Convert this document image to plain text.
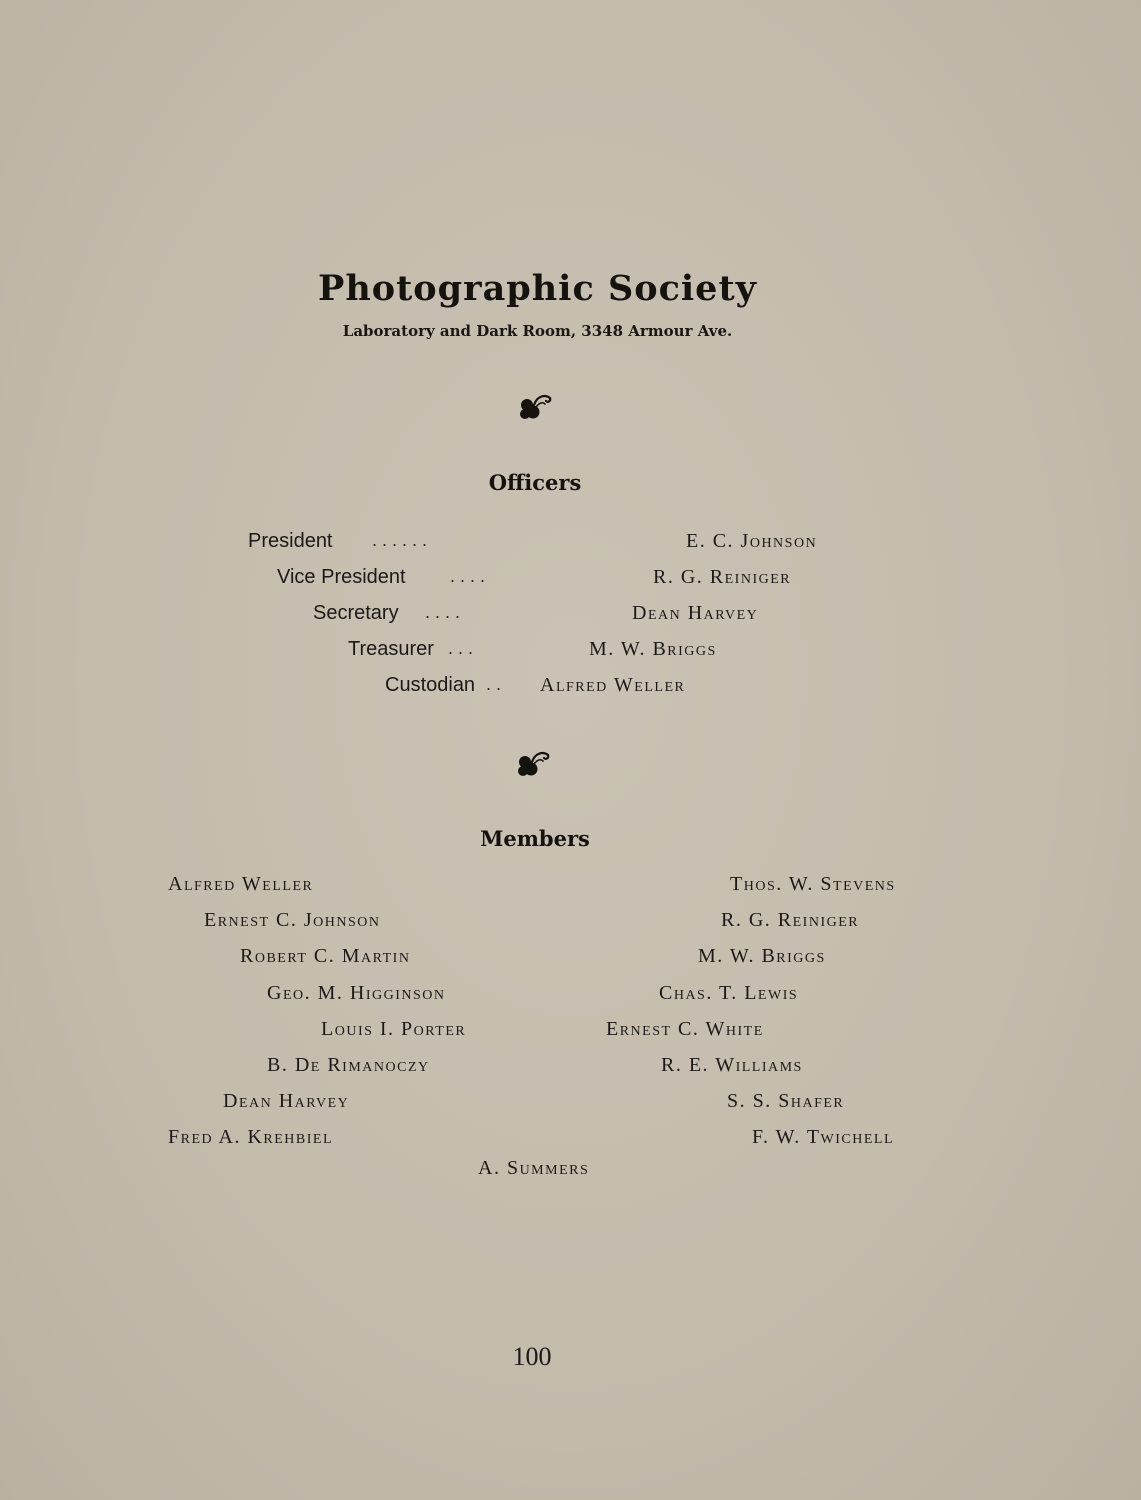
Photographic Society
Laboratory and Dark Room, 3348 Armour Ave.
Officers
President . . . . . .	E. C. Johnson
Vice President . . . .	R. G. Reiniger
Secretary . . . .	Dean Harvey
Treasurer . . .	M. W. Briggs
Custodian . . Alfred Weller
Members
Alfred Weller
Ernest C. Johnson
Robert C. Martin
Geo. M. Higginson
Louis I. Porter
B. De Rimanoczy
Dean Harvey
Fred A. Krehbiel
Thos. W. Stevens
R. G. Reiniger
M. W. Briggs
Chas. T. Lewis
Ernest C. White
R. E. Williams
S. S. Shafer
F. W. Twichell
A. Summers
100
